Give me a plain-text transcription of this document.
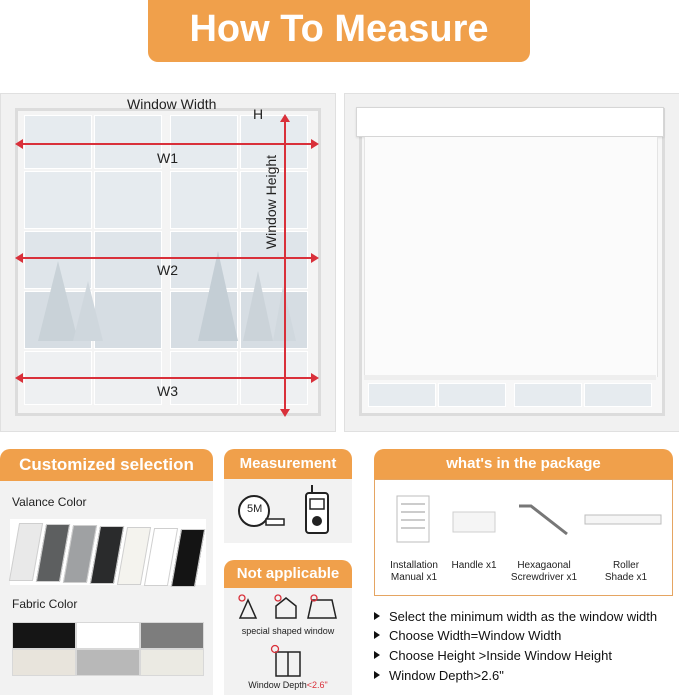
How To Measure
Window Width
H
W1
W2
W3
Window Height
Customized selection
Valance Color
Fabric Color
Measurement
5M
Not applicable
special shaped window
Window Depth<2.6"
what's in the package
Installation
Manual x1
Handle x1	Hexagaonal
Screwdriver x1
Roller
Shade x1
Select the minimum width as the window width
Choose Width=Window Width
Choose Height >Inside Window Height
Window Depth>2.6"
